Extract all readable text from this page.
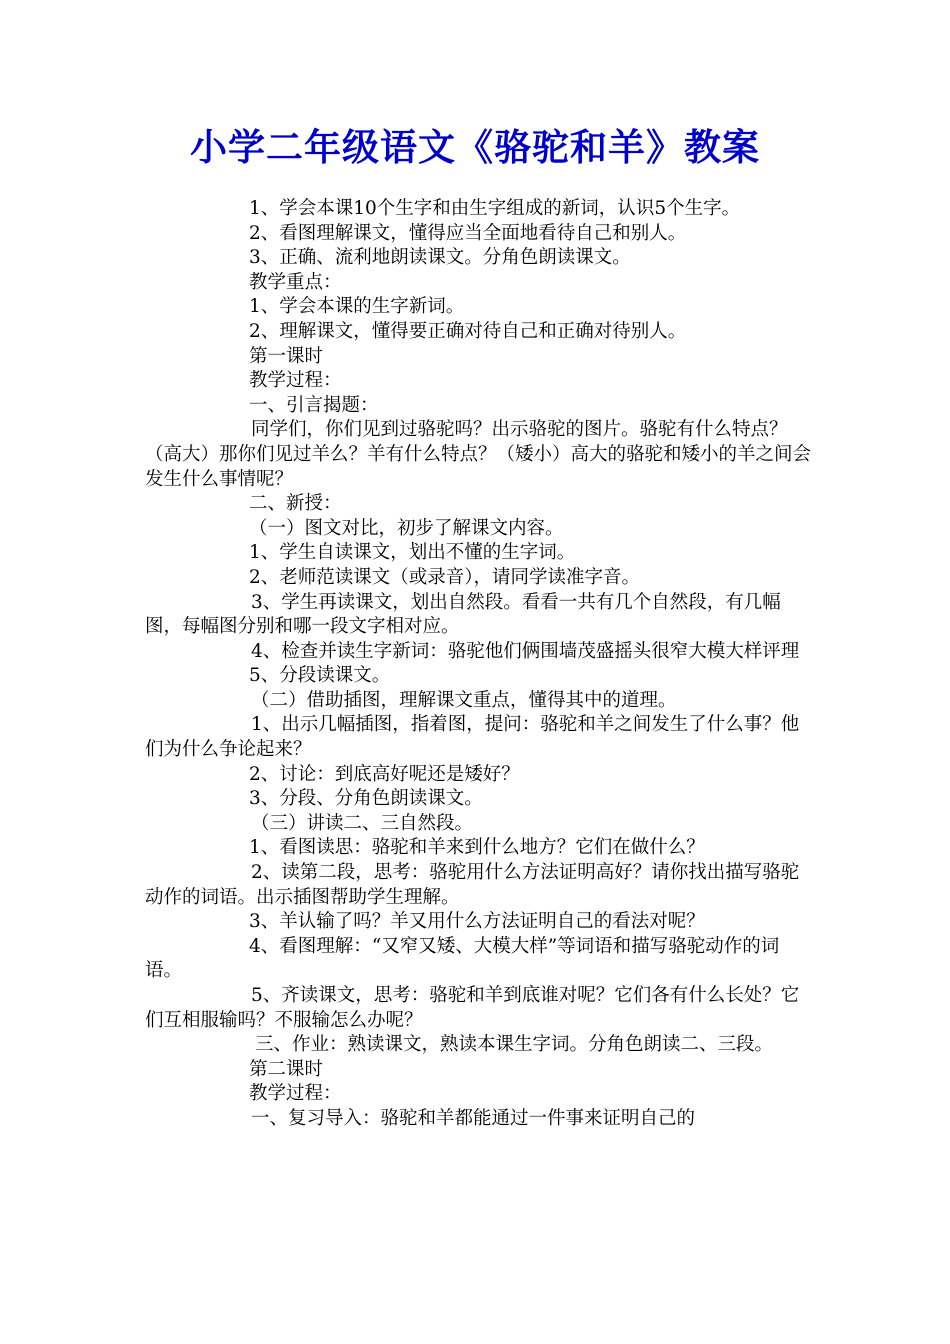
小学二年级语文《骆驼和羊》教案

1、学会本课10个生字和由生字组成的新词，认识5个生字。

2、看图理解课文，懂得应当全面地看待自己和别人。

3、正确、流利地朗读课文。分角色朗读课文。

教学重点：

1、学会本课的生字新词。

2、理解课文，懂得要正确对待自己和正确对待别人。

第一课时

教学过程：

一、引言揭题：

同学们，你们见到过骆驼吗？出示骆驼的图片。骆驼有什么特点？（高大）那你们见过羊么？羊有什么特点？（矮小）高大的骆驼和矮小的羊之间会发生什么事情呢？

二、新授：

（一）图文对比，初步了解课文内容。

1、学生自读课文，划出不懂的生字词。

2、老师范读课文（或录音），请同学读准字音。

3、学生再读课文，划出自然段。看看一共有几个自然段，有几幅图，每幅图分别和哪一段文字相对应。

4、检查并读生字新词：骆驼他们俩围墙茂盛摇头很窄大模大样评理

5、分段读课文。

（二）借助插图，理解课文重点，懂得其中的道理。

1、出示几幅插图，指着图，提问：骆驼和羊之间发生了什么事？他们为什么争论起来？

2、讨论：到底高好呢还是矮好？

3、分段、分角色朗读课文。

（三）讲读二、三自然段。

1、看图读思：骆驼和羊来到什么地方？它们在做什么？

2、读第二段，思考：骆驼用什么方法证明高好？请你找出描写骆驼动作的词语。出示插图帮助学生理解。

3、羊认输了吗？羊又用什么方法证明自己的看法对呢？

4、看图理解：“又窄又矮、大模大样”等词语和描写骆驼动作的词语。

5、齐读课文，思考：骆驼和羊到底谁对呢？它们各有什么长处？它们互相服输吗？不服输怎么办呢？

三、作业：熟读课文，熟读本课生字词。分角色朗读二、三段。

第二课时

教学过程：

一、复习导入：骆驼和羊都能通过一件事来证明自己的
